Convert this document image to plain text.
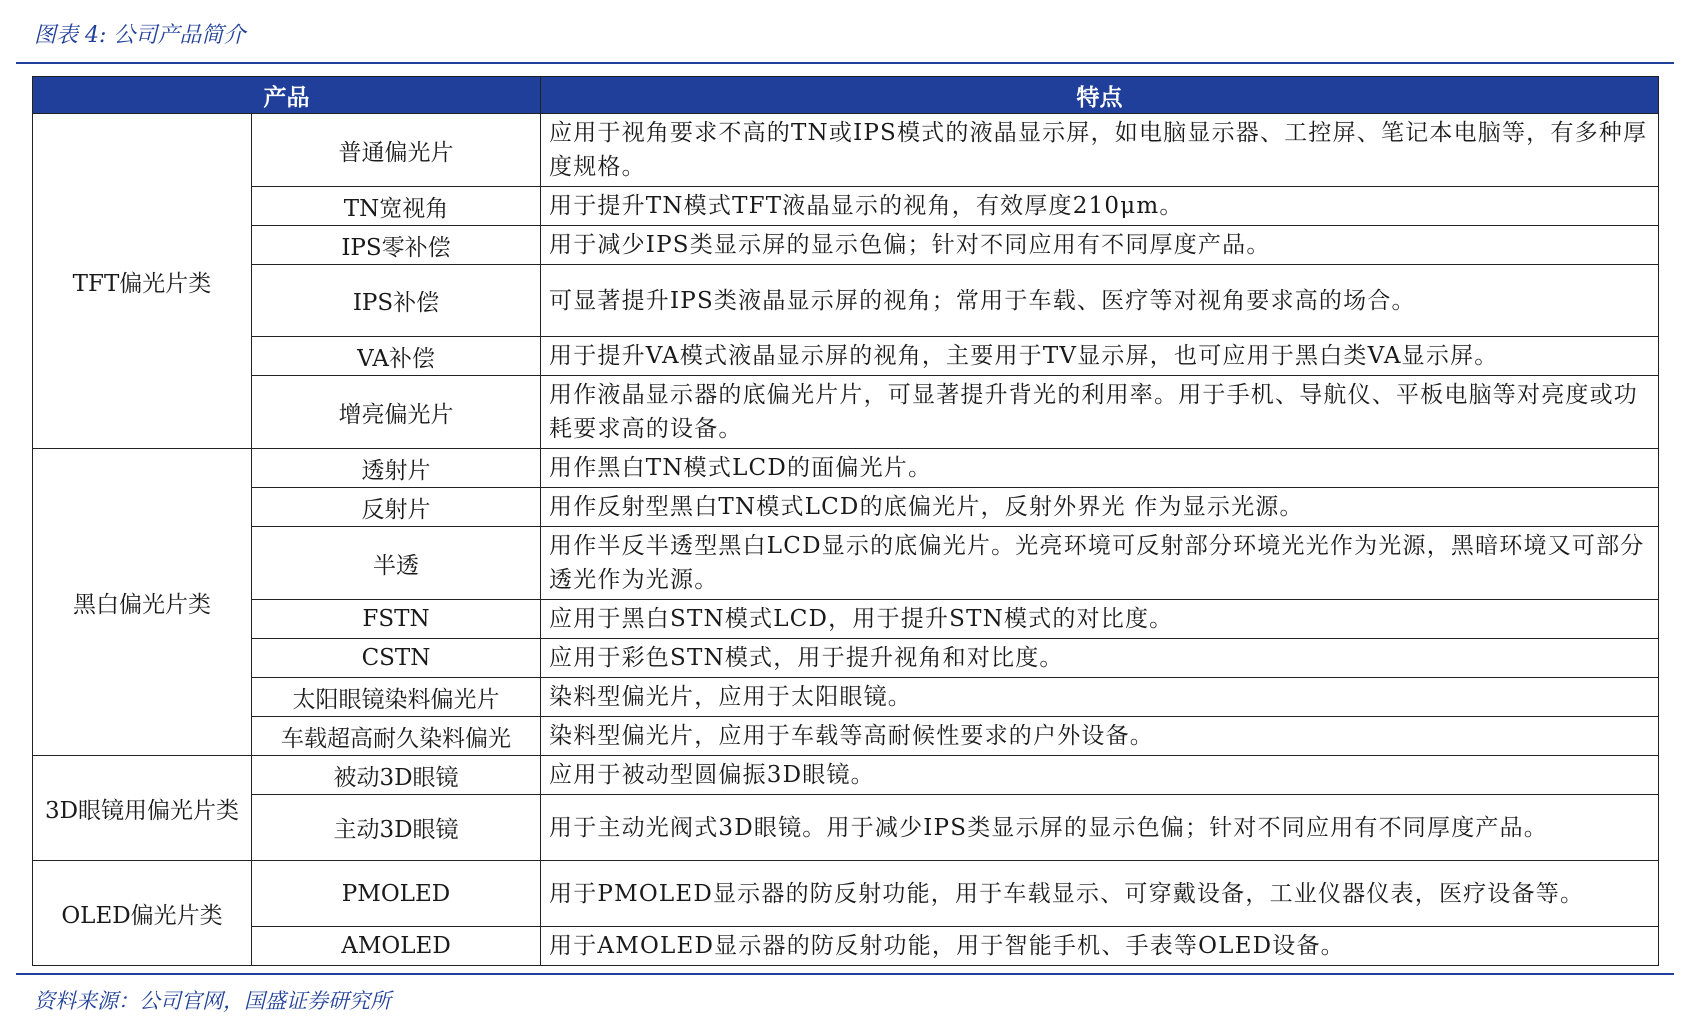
图表 4: 公司产品简介
产品		特点
TFT偏光片类	普通偏光片	应用于视角要求不高的TN或IPS模式的液晶显示屏，如电脑显示器、工控屏、笔记本电脑等，有多种厚度规格。
	TN宽视角	用于提升TN模式TFT液晶显示的视角，有效厚度210μm。
	IPS零补偿	用于减少IPS类显示屏的显示色偏；针对不同应用有不同厚度产品。
	IPS补偿	可显著提升IPS类液晶显示屏的视角；常用于车载、医疗等对视角要求高的场合。
	VA补偿	用于提升VA模式液晶显示屏的视角，主要用于TV显示屏，也可应用于黑白类VA显示屏。
	增亮偏光片	用作液晶显示器的底偏光片片，可显著提升背光的利用率。用于手机、导航仪、平板电脑等对亮度或功耗要求高的设备。
黑白偏光片类	透射片	用作黑白TN模式LCD的面偏光片。
	反射片	用作反射型黑白TN模式LCD的底偏光片，反射外界光 作为显示光源。
	半透	用作半反半透型黑白LCD显示的底偏光片。光亮环境可反射部分环境光光作为光源，黑暗环境又可部分透光作为光源。
	FSTN	应用于黑白STN模式LCD，用于提升STN模式的对比度。
	CSTN	应用于彩色STN模式，用于提升视角和对比度。
	太阳眼镜染料偏光片	染料型偏光片，应用于太阳眼镜。
	车载超高耐久染料偏光	染料型偏光片，应用于车载等高耐候性要求的户外设备。
3D眼镜用偏光片类	被动3D眼镜	应用于被动型圆偏振3D眼镜。
	主动3D眼镜	用于主动光阀式3D眼镜。用于减少IPS类显示屏的显示色偏；针对不同应用有不同厚度产品。
OLED偏光片类	PMOLED	用于PMOLED显示器的防反射功能，用于车载显示、可穿戴设备，工业仪器仪表，医疗设备等。
	AMOLED	用于AMOLED显示器的防反射功能，用于智能手机、手表等OLED设备。
资料来源：公司官网，国盛证券研究所
